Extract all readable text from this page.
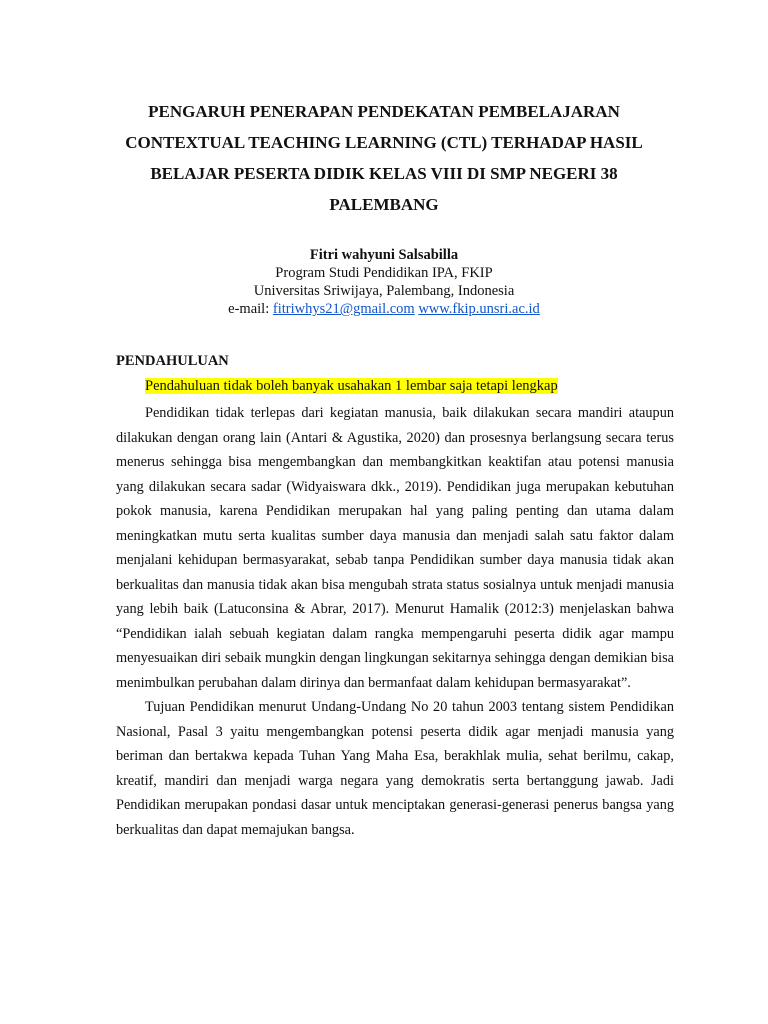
PENGARUH PENERAPAN PENDEKATAN PEMBELAJARAN
CONTEXTUAL TEACHING LEARNING (CTL) TERHADAP HASIL
BELAJAR PESERTA DIDIK KELAS VIII DI SMP NEGERI 38
PALEMBANG
Fitri wahyuni Salsabilla
Program Studi Pendidikan IPA, FKIP
Universitas Sriwijaya, Palembang, Indonesia
e-mail: fitriwhys21@gmail.com www.fkip.unsri.ac.id
PENDAHULUAN
Pendahuluan tidak boleh banyak usahakan 1 lembar saja tetapi lengkap

Pendidikan tidak terlepas dari kegiatan manusia, baik dilakukan secara mandiri ataupun dilakukan dengan orang lain (Antari & Agustika, 2020) dan prosesnya berlangsung secara terus menerus sehingga bisa mengembangkan dan membangkitkan keaktifan atau potensi manusia yang dilakukan secara sadar (Widyaiswara dkk., 2019). Pendidikan juga merupakan kebutuhan pokok manusia, karena Pendidikan merupakan hal yang paling penting dan utama dalam meningkatkan mutu serta kualitas sumber daya manusia dan menjadi salah satu faktor dalam menjalani kehidupan bermasyarakat, sebab tanpa Pendidikan sumber daya manusia tidak akan berkualitas dan manusia tidak akan bisa mengubah strata status sosialnya untuk menjadi manusia yang lebih baik (Latuconsina & Abrar, 2017). Menurut Hamalik (2012:3) menjelaskan bahwa “Pendidikan ialah sebuah kegiatan dalam rangka mempengaruhi peserta didik agar mampu menyesuaikan diri sebaik mungkin dengan lingkungan sekitarnya sehingga dengan demikian bisa menimbulkan perubahan dalam dirinya dan bermanfaat dalam kehidupan bermasyarakat”.

Tujuan Pendidikan menurut Undang-Undang No 20 tahun 2003 tentang sistem Pendidikan Nasional, Pasal 3 yaitu mengembangkan potensi peserta didik agar menjadi manusia yang beriman dan bertakwa kepada Tuhan Yang Maha Esa, berakhlak mulia, sehat berilmu, cakap, kreatif, mandiri dan menjadi warga negara yang demokratis serta bertanggung jawab. Jadi Pendidikan merupakan pondasi dasar untuk menciptakan generasi-generasi penerus bangsa yang berkualitas dan dapat memajukan bangsa.
